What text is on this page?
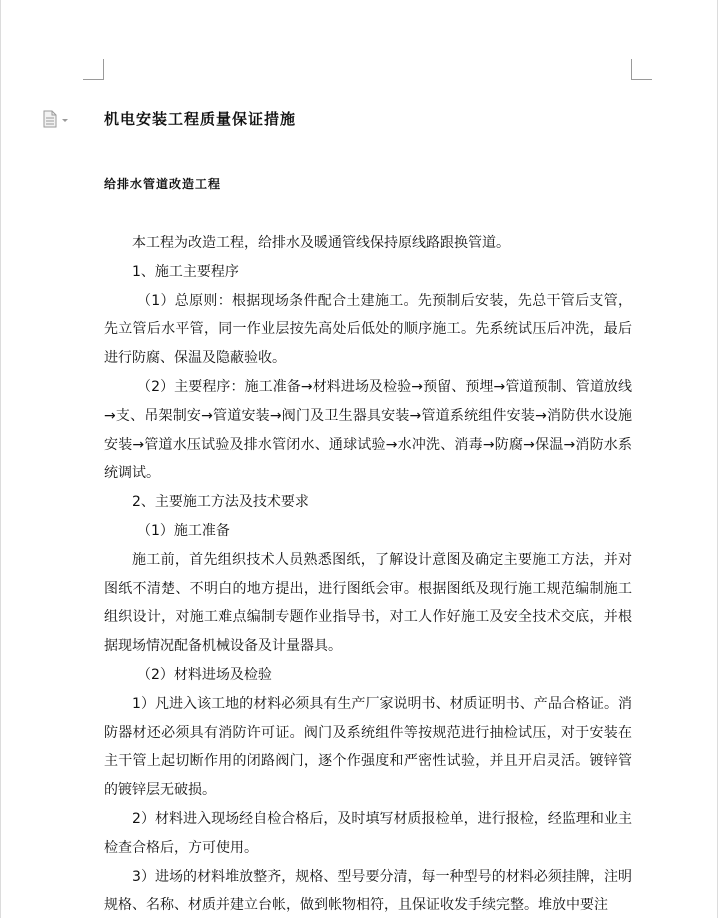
机电安装工程质量保证措施
给排水管道改造工程

本工程为改造工程，给排水及暖通管线保持原线路跟换管道。

1、施工主要程序

（1）总原则：根据现场条件配合土建施工。先预制后安装，先总干管后支管，先立管后水平管，同一作业层按先高处后低处的顺序施工。先系统试压后冲洗，最后进行防腐、保温及隐蔽验收。

（2）主要程序：施工准备→材料进场及检验→预留、预埋→管道预制、管道放线→支、吊架制安→管道安装→阀门及卫生器具安装→管道系统组件安装→消防供水设施安装→管道水压试验及排水管闭水、通球试验→水冲洗、消毒→防腐→保温→消防水系统调试。

2、主要施工方法及技术要求

（1）施工准备

施工前，首先组织技术人员熟悉图纸，了解设计意图及确定主要施工方法，并对图纸不清楚、不明白的地方提出，进行图纸会审。根据图纸及现行施工规范编制施工组织设计，对施工难点编制专题作业指导书，对工人作好施工及安全技术交底，并根据现场情况配备机械设备及计量器具。

（2）材料进场及检验

1）凡进入该工地的材料必须具有生产厂家说明书、材质证明书、产品合格证。消防器材还必须具有消防许可证。阀门及系统组件等按规范进行抽检试压，对于安装在主干管上起切断作用的闭路阀门，逐个作强度和严密性试验，并且开启灵活。镀锌管的镀锌层无破损。

2）材料进入现场经自检合格后，及时填写材质报检单，进行报检，经监理和业主检查合格后，方可使用。

3）进场的材料堆放整齐，规格、型号要分清，每一种型号的材料必须挂牌，注明规格、名称、材质并建立台帐，做到帐物相符，且保证收发手续完整。堆放中要注
